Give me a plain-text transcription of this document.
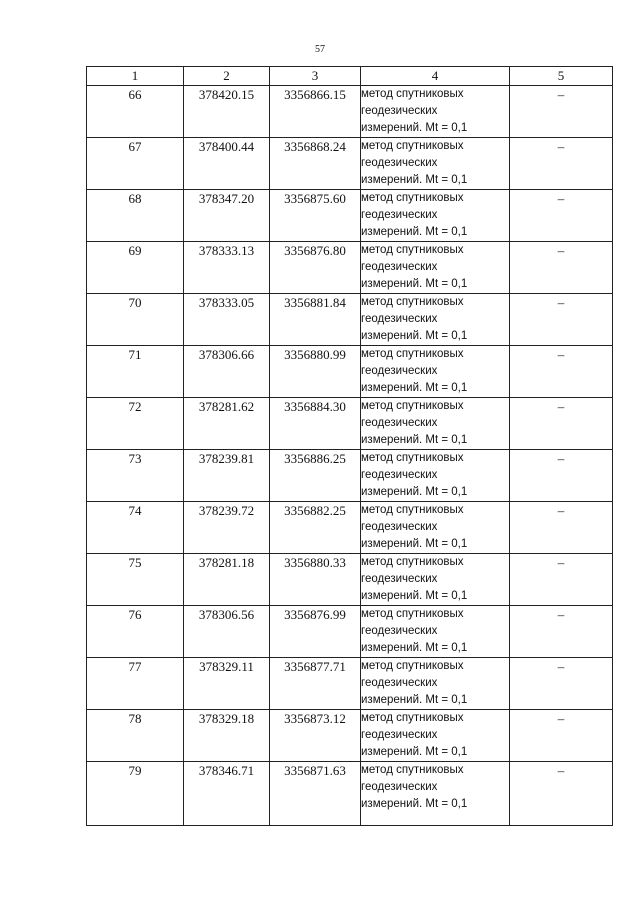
57
1	2	3	4	5
66	378420.15	3356866.15	метод спутниковых
геодезических
измерений. Mt = 0,1	–
67	378400.44	3356868.24	метод спутниковых
геодезических
измерений. Mt = 0,1	–
68	378347.20	3356875.60	метод спутниковых
геодезических
измерений. Mt = 0,1	–
69	378333.13	3356876.80	метод спутниковых
геодезических
измерений. Mt = 0,1	–
70	378333.05	3356881.84	метод спутниковых
геодезических
измерений. Mt = 0,1	–
71	378306.66	3356880.99	метод спутниковых
геодезических
измерений. Mt = 0,1	–
72	378281.62	3356884.30	метод спутниковых
геодезических
измерений. Mt = 0,1	–
73	378239.81	3356886.25	метод спутниковых
геодезических
измерений. Mt = 0,1	–
74	378239.72	3356882.25	метод спутниковых
геодезических
измерений. Mt = 0,1	–
75	378281.18	3356880.33	метод спутниковых
геодезических
измерений. Mt = 0,1	–
76	378306.56	3356876.99	метод спутниковых
геодезических
измерений. Mt = 0,1	–
77	378329.11	3356877.71	метод спутниковых
геодезических
измерений. Mt = 0,1	–
78	378329.18	3356873.12	метод спутниковых
геодезических
измерений. Mt = 0,1	–
79	378346.71	3356871.63	метод спутниковых
геодезических
измерений. Mt = 0,1	–
